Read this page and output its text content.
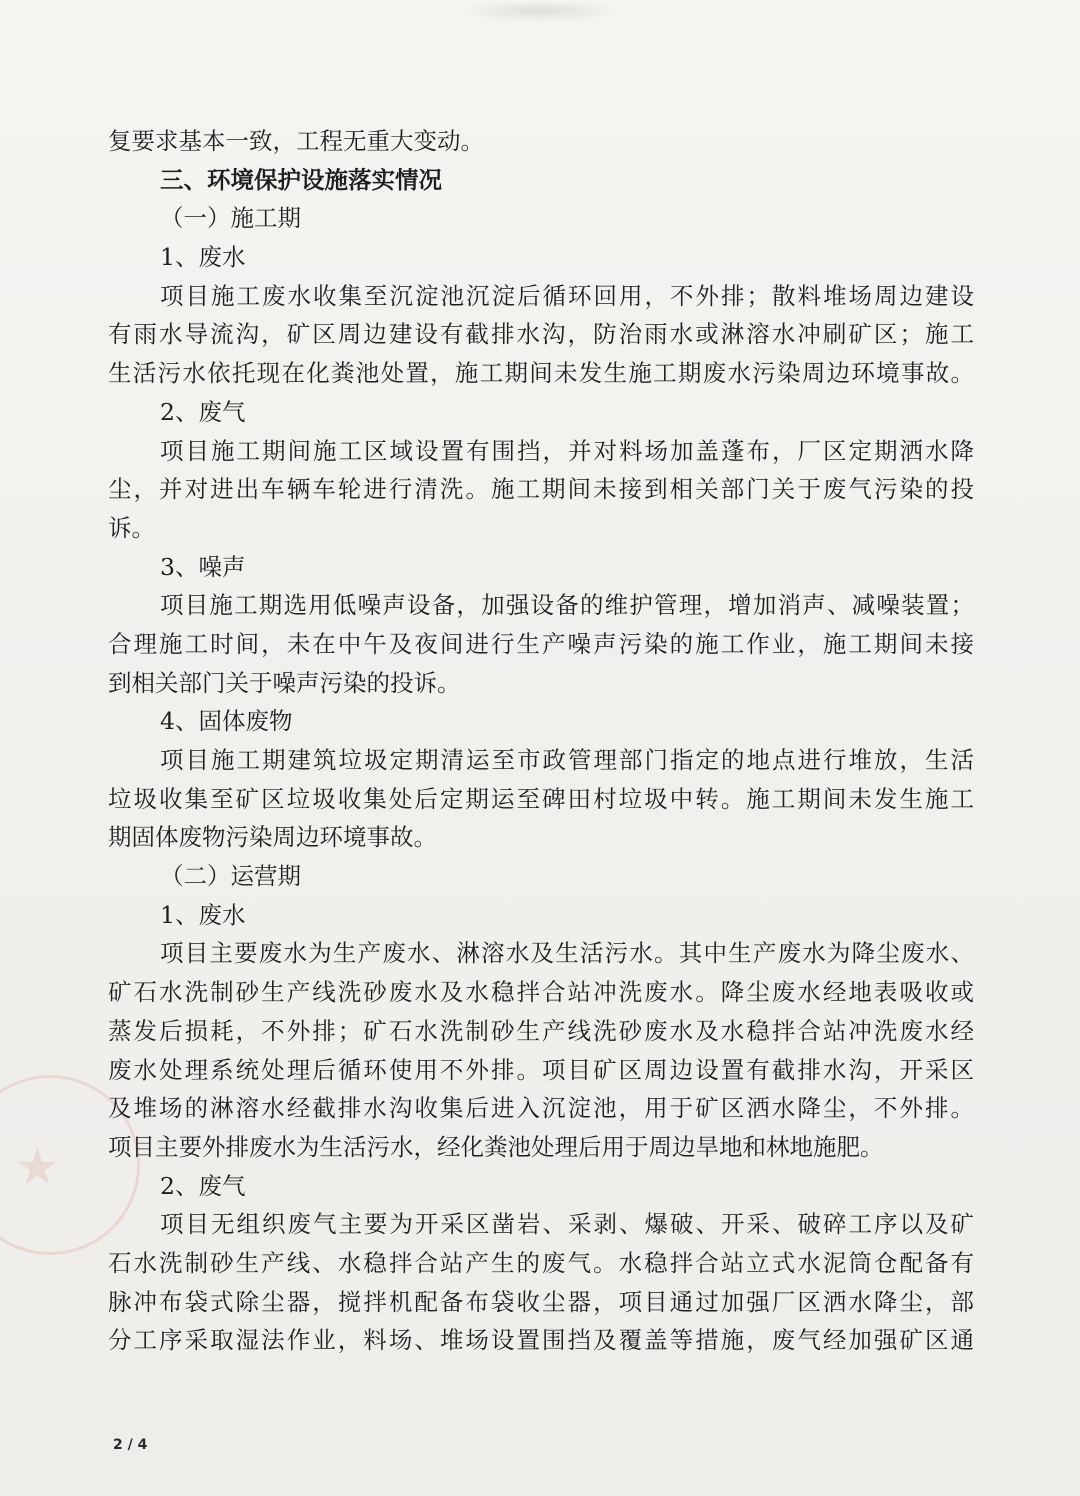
★
复要求基本一致，工程无重大变动。
三、环境保护设施落实情况
（一）施工期
1、废水
项目施工废水收集至沉淀池沉淀后循环回用，不外排；散料堆场周边建设
有雨水导流沟，矿区周边建设有截排水沟，防治雨水或淋溶水冲刷矿区；施工
生活污水依托现在化粪池处置，施工期间未发生施工期废水污染周边环境事故。
2、废气
项目施工期间施工区域设置有围挡，并对料场加盖蓬布，厂区定期洒水降
尘，并对进出车辆车轮进行清洗。施工期间未接到相关部门关于废气污染的投
诉。
3、噪声
项目施工期选用低噪声设备，加强设备的维护管理，增加消声、减噪装置；
合理施工时间，未在中午及夜间进行生产噪声污染的施工作业，施工期间未接
到相关部门关于噪声污染的投诉。
4、固体废物
项目施工期建筑垃圾定期清运至市政管理部门指定的地点进行堆放，生活
垃圾收集至矿区垃圾收集处后定期运至碑田村垃圾中转。施工期间未发生施工
期固体废物污染周边环境事故。
（二）运营期
1、废水
项目主要废水为生产废水、淋溶水及生活污水。其中生产废水为降尘废水、
矿石水洗制砂生产线洗砂废水及水稳拌合站冲洗废水。降尘废水经地表吸收或
蒸发后损耗，不外排；矿石水洗制砂生产线洗砂废水及水稳拌合站冲洗废水经
废水处理系统处理后循环使用不外排。项目矿区周边设置有截排水沟，开采区
及堆场的淋溶水经截排水沟收集后进入沉淀池，用于矿区洒水降尘，不外排。
项目主要外排废水为生活污水，经化粪池处理后用于周边旱地和林地施肥。
2、废气
项目无组织废气主要为开采区凿岩、采剥、爆破、开采、破碎工序以及矿
石水洗制砂生产线、水稳拌合站产生的废气。水稳拌合站立式水泥筒仓配备有
脉冲布袋式除尘器，搅拌机配备布袋收尘器，项目通过加强厂区洒水降尘，部
分工序采取湿法作业，料场、堆场设置围挡及覆盖等措施，废气经加强矿区通
2 / 4
